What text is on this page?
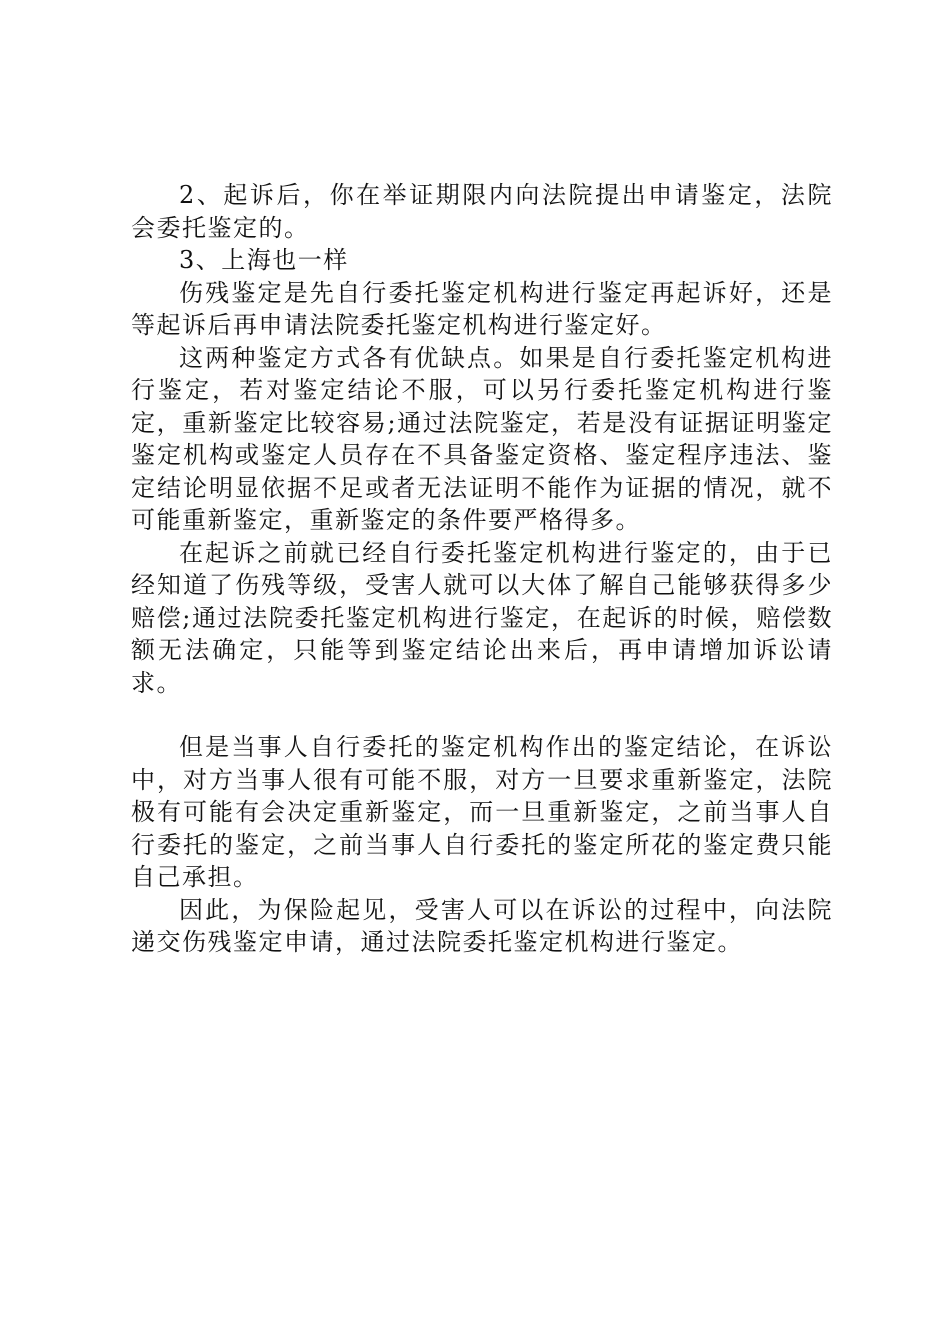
2、起诉后，你在举证期限内向法院提出申请鉴定，法院会委托鉴定的。

3、上海也一样

伤残鉴定是先自行委托鉴定机构进行鉴定再起诉好，还是等起诉后再申请法院委托鉴定机构进行鉴定好。

这两种鉴定方式各有优缺点。如果是自行委托鉴定机构进行鉴定，若对鉴定结论不服，可以另行委托鉴定机构进行鉴定，重新鉴定比较容易;通过法院鉴定，若是没有证据证明鉴定鉴定机构或鉴定人员存在不具备鉴定资格、鉴定程序违法、鉴定结论明显依据不足或者无法证明不能作为证据的情况，就不可能重新鉴定，重新鉴定的条件要严格得多。

在起诉之前就已经自行委托鉴定机构进行鉴定的，由于已经知道了伤残等级，受害人就可以大体了解自己能够获得多少赔偿;通过法院委托鉴定机构进行鉴定，在起诉的时候，赔偿数额无法确定，只能等到鉴定结论出来后，再申请增加诉讼请求。

但是当事人自行委托的鉴定机构作出的鉴定结论，在诉讼中，对方当事人很有可能不服，对方一旦要求重新鉴定，法院极有可能有会决定重新鉴定，而一旦重新鉴定，之前当事人自行委托的鉴定，之前当事人自行委托的鉴定所花的鉴定费只能自己承担。

因此，为保险起见，受害人可以在诉讼的过程中，向法院递交伤残鉴定申请，通过法院委托鉴定机构进行鉴定。
